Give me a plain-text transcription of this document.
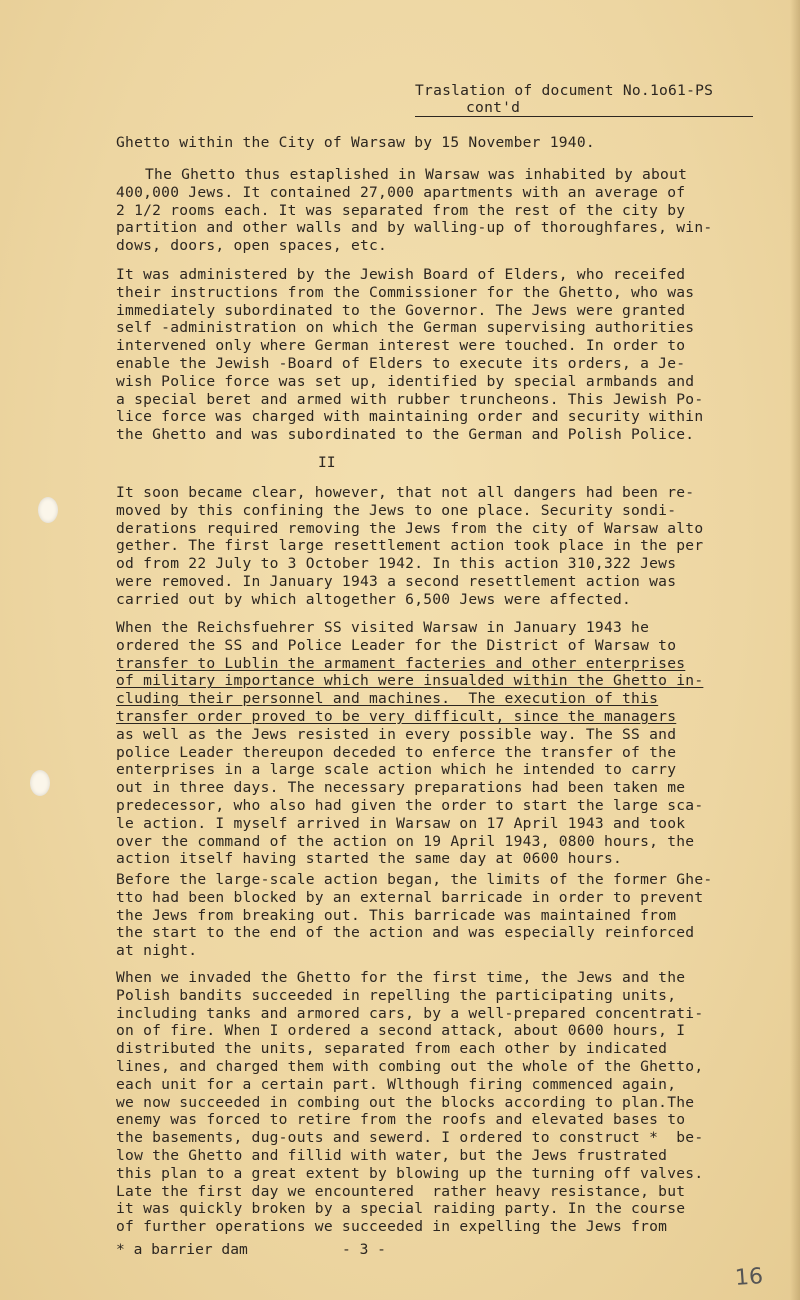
Traslation of document No.1o61-PS
cont'd
Ghetto within the City of Warsaw by 15 November 1940.
The Ghetto thus estaplished in Warsaw was inhabited by about
400,000 Jews. It contained 27,000 apartments with an average of
2 1/2 rooms each. It was separated from the rest of the city by
partition and other walls and by walling-up of thoroughfares, win-
dows, doors, open spaces, etc.
It was administered by the Jewish Board of Elders, who receifed
their instructions from the Commissioner for the Ghetto, who was
immediately subordinated to the Governor. The Jews were granted
self -administration on which the German supervising authorities
intervened only where German interest were touched. In order to
enable the Jewish -Board of Elders to execute its orders, a Je-
wish Police force was set up, identified by special armbands and
a special beret and armed with rubber truncheons. This Jewish Po-
lice force was charged with maintaining order and security within
the Ghetto and was subordinated to the German and Polish Police.
It soon became clear, however, that not all dangers had been re-
moved by this confining the Jews to one place. Security sondi-
derations required removing the Jews from the city of Warsaw alto
gether. The first large resettlement action took place in the per
od from 22 July to 3 October 1942. In this action 310,322 Jews
were removed. In January 1943 a second resettlement action was
carried out by which altogether 6,500 Jews were affected.
When the Reichsfuehrer SS visited Warsaw in January 1943 he
ordered the SS and Police Leader for the District of Warsaw to
transfer to Lublin the armament facteries and other enterprises
of military importance which were insualded within the Ghetto in-
cluding their personnel and machines.  The execution of this
transfer order proved to be very difficult, since the managers
as well as the Jews resisted in every possible way. The SS and
police Leader thereupon deceded to enferce the transfer of the
enterprises in a large scale action which he intended to carry
out in three days. The necessary preparations had been taken me
predecessor, who also had given the order to start the large sca-
le action. I myself arrived in Warsaw on 17 April 1943 and took
over the command of the action on 19 April 1943, 0800 hours, the
action itself having started the same day at 0600 hours.
Before the large-scale action began, the limits of the former Ghe-
tto had been blocked by an external barricade in order to prevent
the Jews from breaking out. This barricade was maintained from
the start to the end of the action and was especially reinforced
at night.
When we invaded the Ghetto for the first time, the Jews and the
Polish bandits succeeded in repelling the participating units,
including tanks and armored cars, by a well-prepared concentrati-
on of fire. When I ordered a second attack, about 0600 hours, I
distributed the units, separated from each other by indicated
lines, and charged them with combing out the whole of the Ghetto,
each unit for a certain part. Wlthough firing commenced again,
we now succeeded in combing out the blocks according to plan.The
enemy was forced to retire from the roofs and elevated bases to
the basements, dug-outs and sewerd. I ordered to construct *  be-
low the Ghetto and fillid with water, but the Jews frustrated
this plan to a great extent by blowing up the turning off valves.
Late the first day we encountered  rather heavy resistance, but
it was quickly broken by a special raiding party. In the course
of further operations we succeeded in expelling the Jews from
II
* a barrier dam	- 3 -
16
